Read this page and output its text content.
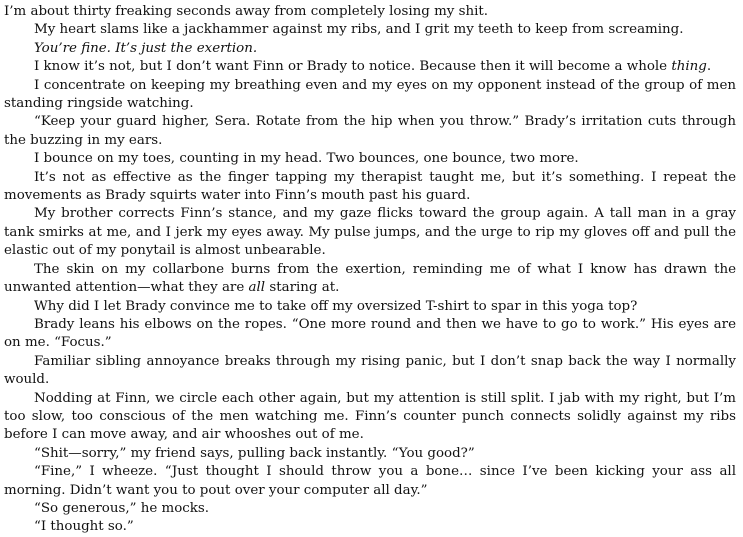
I’m about thirty freaking seconds away from completely losing my shit.

My heart slams like a jackhammer against my ribs, and I grit my teeth to keep from screaming.

You’re fine. It’s just the exertion.

I know it’s not, but I don’t want Finn or Brady to notice. Because then it will become a whole thing.

I concentrate on keeping my breathing even and my eyes on my opponent instead of the group of men standing ringside watching.

“Keep your guard higher, Sera. Rotate from the hip when you throw.” Brady’s irritation cuts through the buzzing in my ears.

I bounce on my toes, counting in my head. Two bounces, one bounce, two more.

It’s not as effective as the finger tapping my therapist taught me, but it’s something. I repeat the movements as Brady squirts water into Finn’s mouth past his guard.

My brother corrects Finn’s stance, and my gaze flicks toward the group again. A tall man in a gray tank smirks at me, and I jerk my eyes away. My pulse jumps, and the urge to rip my gloves off and pull the elastic out of my ponytail is almost unbearable.

The skin on my collarbone burns from the exertion, reminding me of what I know has drawn the unwanted attention—what they are all staring at.

Why did I let Brady convince me to take off my oversized T-shirt to spar in this yoga top?

Brady leans his elbows on the ropes. “One more round and then we have to go to work.” His eyes are on me. “Focus.”

Familiar sibling annoyance breaks through my rising panic, but I don’t snap back the way I normally would.

Nodding at Finn, we circle each other again, but my attention is still split. I jab with my right, but I’m too slow, too conscious of the men watching me. Finn’s counter punch connects solidly against my ribs before I can move away, and air whooshes out of me.

“Shit—sorry,” my friend says, pulling back instantly. “You good?”

“Fine,” I wheeze. “Just thought I should throw you a bone… since I’ve been kicking your ass all morning. Didn’t want you to pout over your computer all day.”

“So generous,” he mocks.

“I thought so.”
